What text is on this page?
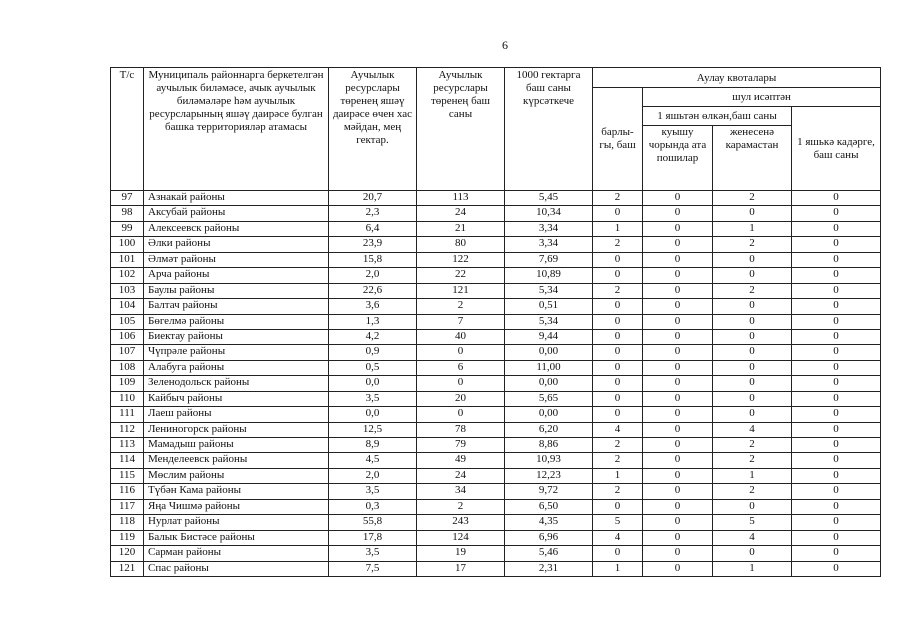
6
Т/с	Муниципаль районнарга беркетелгән аучылык биләмәсе, ачык аучылык биләмәләре һәм аучылык ресурсларының яшәү даирәсе булган башка территорияләр атамасы	Аучылык ресурслары төренең яшәү даирәсе өчен хас мәйдан, мең гектар.	Аучылык ресурслары төренең баш саны	1000 гектарга баш саны күрсәткече	Аулау квоталары			
					барлы-гы, баш	шул исәптән		
						1 яшьтән өлкән,баш саны		1 яшькә кадәрге, баш саны
						куышу чорында ата пошилар	женесенә карамастан	
97	Азнакай районы	20,7	113	5,45	2	0	2	0
98	Аксубай районы	2,3	24	10,34	0	0	0	0
99	Алексеевск районы	6,4	21	3,34	1	0	1	0
100	Әлки районы	23,9	80	3,34	2	0	2	0
101	Әлмәт районы	15,8	122	7,69	0	0	0	0
102	Арча районы	2,0	22	10,89	0	0	0	0
103	Баулы районы	22,6	121	5,34	2	0	2	0
104	Балтач районы	3,6	2	0,51	0	0	0	0
105	Бөгелмә районы	1,3	7	5,34	0	0	0	0
106	Биектау районы	4,2	40	9,44	0	0	0	0
107	Чүпрәле районы	0,9	0	0,00	0	0	0	0
108	Алабуга районы	0,5	6	11,00	0	0	0	0
109	Зеленодольск районы	0,0	0	0,00	0	0	0	0
110	Кайбыч районы	3,5	20	5,65	0	0	0	0
111	Лаеш районы	0,0	0	0,00	0	0	0	0
112	Лениногорск районы	12,5	78	6,20	4	0	4	0
113	Мамадыш районы	8,9	79	8,86	2	0	2	0
114	Менделеевск районы	4,5	49	10,93	2	0	2	0
115	Мөслим районы	2,0	24	12,23	1	0	1	0
116	Түбән Кама районы	3,5	34	9,72	2	0	2	0
117	Яңа Чишмә районы	0,3	2	6,50	0	0	0	0
118	Нурлат районы	55,8	243	4,35	5	0	5	0
119	Балык Бистәсе районы	17,8	124	6,96	4	0	4	0
120	Сарман районы	3,5	19	5,46	0	0	0	0
121	Спас районы	7,5	17	2,31	1	0	1	0
